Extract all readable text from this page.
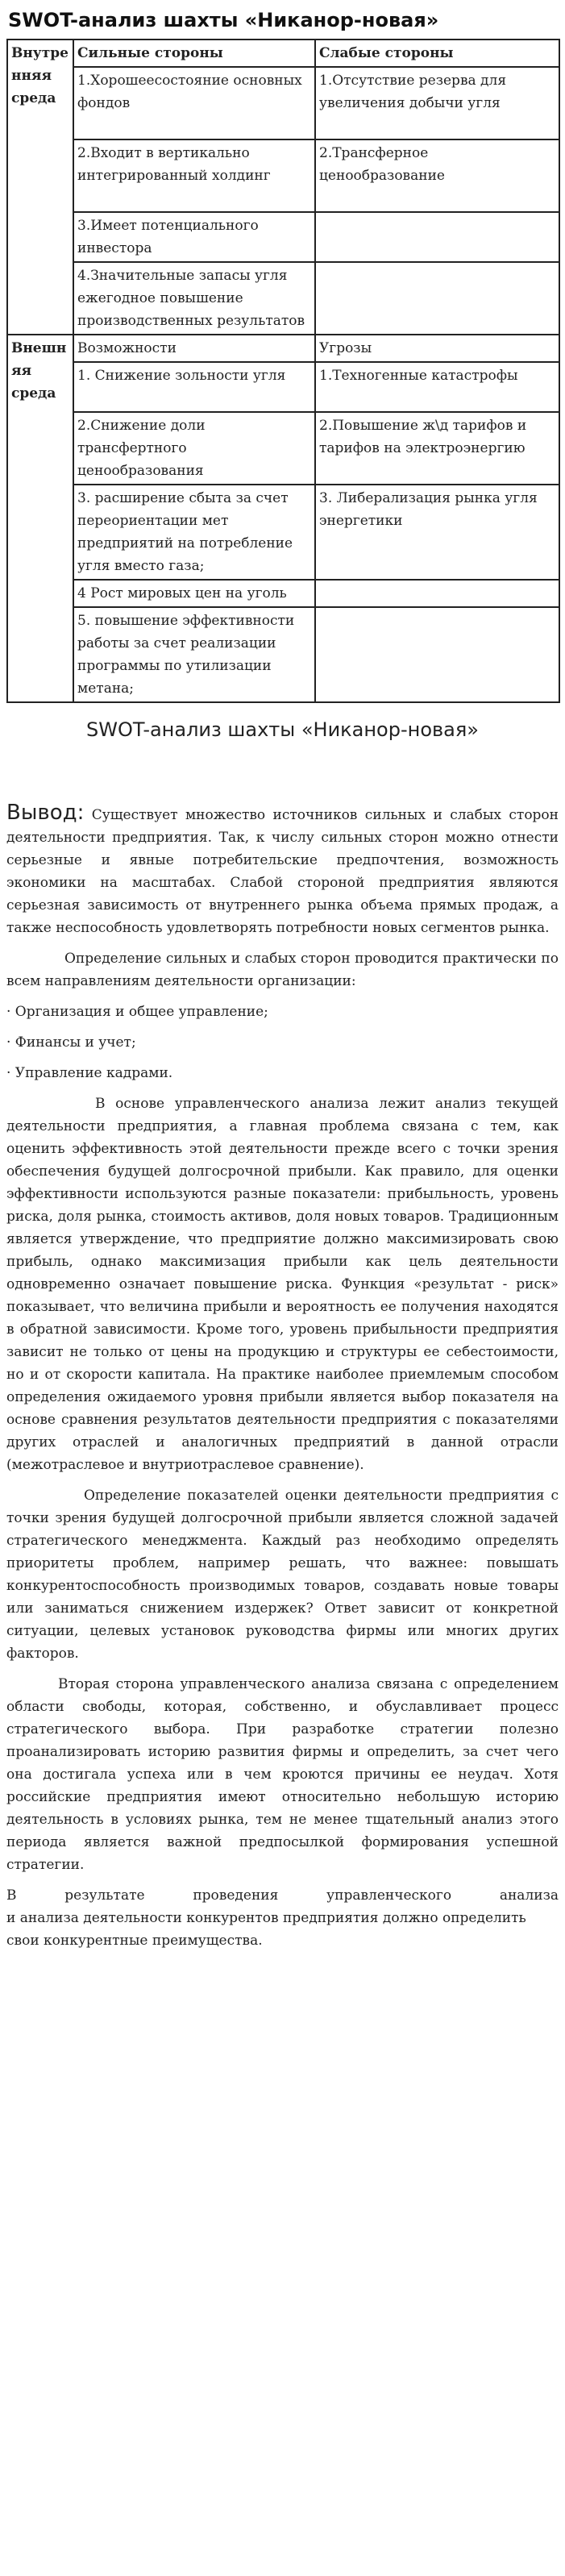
SWOT-анализ шахты «Никанор-новая»
Внутренняя среда	Сильные стороны	Слабые стороны
	1.Хорошеесостояние основных фондов	1.Отсутствие резерва для увеличения добычи угля
	2.Входит в вертикально интегрированный холдинг	2.Трансферное ценообразование
	3.Имеет потенциального инвестора	
	4.Значительные запасы угля ежегодное повышение производственных результатов	
Внешняя среда	Возможности	Угрозы
	1. Снижение зольности угля	1.Техногенные катастрофы
	2.Снижение доли трансфертного ценообразования	2.Повышение ж\д тарифов и тарифов на электроэнергию
	3. расширение сбыта за счет переориентации мет предприятий на потребление угля вместо газа;	3. Либерализация рынка угля энергетики
	4 Рост мировых цен на уголь	
	5. повышение эффективности работы за счет реализации программы по утилизации метана;	
SWOT-анализ шахты «Никанор-новая»

Вывод: Существует множество источников сильных и слабых сторон деятельности предприятия. Так, к числу сильных сторон можно отнести серьезные и явные потребительские предпочтения, возможность экономики на масштабах. Слабой стороной предприятия являются серьезная зависимость от внутреннего рынка объема прямых продаж, а также неспособность удовлетворять потребности новых сегментов рынка.

Определение сильных и слабых сторон проводится практически по всем направлениям деятельности организации:

· Организация и общее управление;

· Финансы и учет;

· Управление кадрами.

В основе управленческого анализа лежит анализ текущей деятельности предприятия, а главная проблема связана с тем, как оценить эффективность этой деятельности прежде всего с точки зрения обеспечения будущей долгосрочной прибыли. Как правило, для оценки эффективности используются разные показатели: прибыльность, уровень риска, доля рынка, стоимость активов, доля новых товаров. Традиционным является утверждение, что предприятие должно максимизировать свою прибыль, однако максимизация прибыли как цель деятельности одновременно означает повышение риска. Функция «результат - риск» показывает, что величина прибыли и вероятность ее получения находятся в обратной зависимости. Кроме того, уровень прибыльности предприятия зависит не только от цены на продукцию и структуры ее себестоимости, но и от скорости капитала. На практике наиболее приемлемым способом определения ожидаемого уровня прибыли является выбор показателя на основе сравнения результатов деятельности предприятия с показателями других отраслей и аналогичных предприятий в данной отрасли (межотраслевое и внутриотраслевое сравнение).

Определение показателей оценки деятельности предприятия с точки зрения будущей долгосрочной прибыли является сложной задачей стратегического менеджмента. Каждый раз необходимо определять приоритеты проблем, например решать, что важнее: повышать конкурентоспособность производимых товаров, создавать новые товары или заниматься снижением издержек? Ответ зависит от конкретной ситуации, целевых установок руководства фирмы или многих других факторов.

Вторая сторона управленческого анализа связана с определением области свободы, которая, собственно, и обуславливает процесс стратегического выбора. При разработке стратегии полезно проанализировать историю развития фирмы и определить, за счет чего она достигала успеха или в чем кроются причины ее неудач. Хотя российские предприятия имеют относительно небольшую историю деятельность в условиях рынка, тем не менее тщательный анализ этого периода является важной предпосылкой формирования успешной стратегии.

В	результате	проведения	управленческого	анализа

и анализа деятельности конкурентов предприятия должно определить свои конкурентные преимущества.
